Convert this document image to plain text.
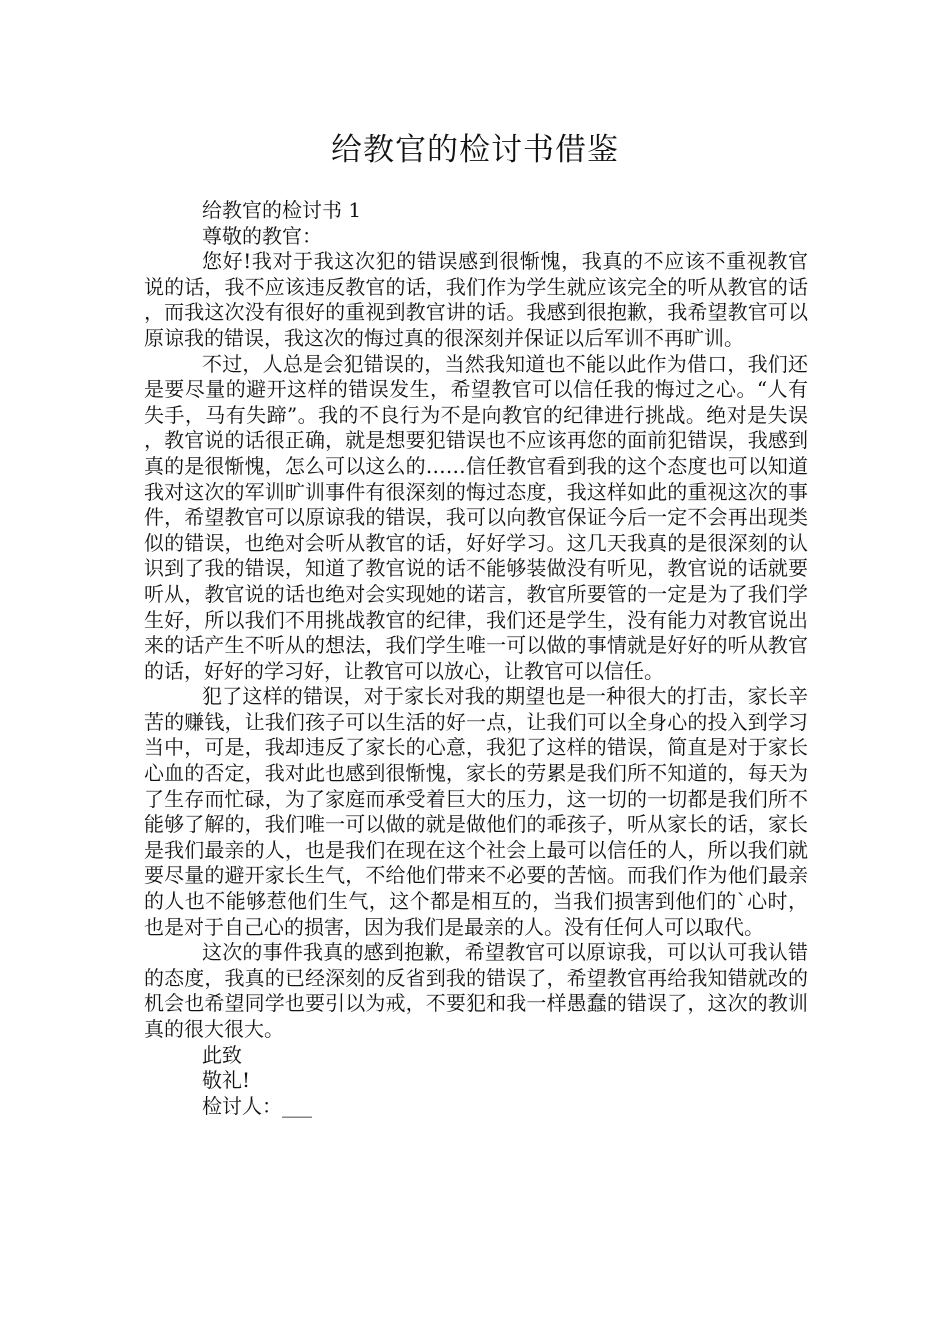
给教官的检讨书借鉴

给教官的检讨书 1

尊敬的教官：

您好!我对于我这次犯的错误感到很惭愧，我真的不应该不重视教官说的话，我不应该违反教官的话，我们作为学生就应该完全的听从教官的话，而我这次没有很好的重视到教官讲的话。我感到很抱歉，我希望教官可以原谅我的错误，我这次的悔过真的很深刻并保证以后军训不再旷训。

不过，人总是会犯错误的，当然我知道也不能以此作为借口，我们还是要尽量的避开这样的错误发生，希望教官可以信任我的悔过之心。“人有失手，马有失蹄”。我的不良行为不是向教官的纪律进行挑战。绝对是失误，教官说的话很正确，就是想要犯错误也不应该再您的面前犯错误，我感到真的是很惭愧，怎么可以这么的……信任教官看到我的这个态度也可以知道我对这次的军训旷训事件有很深刻的悔过态度，我这样如此的重视这次的事件，希望教官可以原谅我的错误，我可以向教官保证今后一定不会再出现类似的错误，也绝对会听从教官的话，好好学习。这几天我真的是很深刻的认识到了我的错误，知道了教官说的话不能够装做没有听见，教官说的话就要听从，教官说的话也绝对会实现她的诺言，教官所要管的一定是为了我们学生好，所以我们不用挑战教官的纪律，我们还是学生，没有能力对教官说出来的话产生不听从的想法，我们学生唯一可以做的事情就是好好的听从教官的话，好好的学习好，让教官可以放心，让教官可以信任。

犯了这样的错误，对于家长对我的期望也是一种很大的打击，家长辛苦的赚钱，让我们孩子可以生活的好一点，让我们可以全身心的投入到学习当中，可是，我却违反了家长的心意，我犯了这样的错误，简直是对于家长心血的否定，我对此也感到很惭愧，家长的劳累是我们所不知道的，每天为了生存而忙碌，为了家庭而承受着巨大的压力，这一切的一切都是我们所不能够了解的，我们唯一可以做的就是做他们的乖孩子，听从家长的话，家长是我们最亲的人，也是我们在现在这个社会上最可以信任的人，所以我们就要尽量的避开家长生气，不给他们带来不必要的苦恼。而我们作为他们最亲的人也不能够惹他们生气，这个都是相互的，当我们损害到他们的`心时，也是对于自己心的损害，因为我们是最亲的人。没有任何人可以取代。

这次的事件我真的感到抱歉，希望教官可以原谅我，可以认可我认错的态度，我真的已经深刻的反省到我的错误了，希望教官再给我知错就改的机会也希望同学也要引以为戒，不要犯和我一样愚蠢的错误了，这次的教训真的很大很大。

此致

敬礼!

检讨人：___
